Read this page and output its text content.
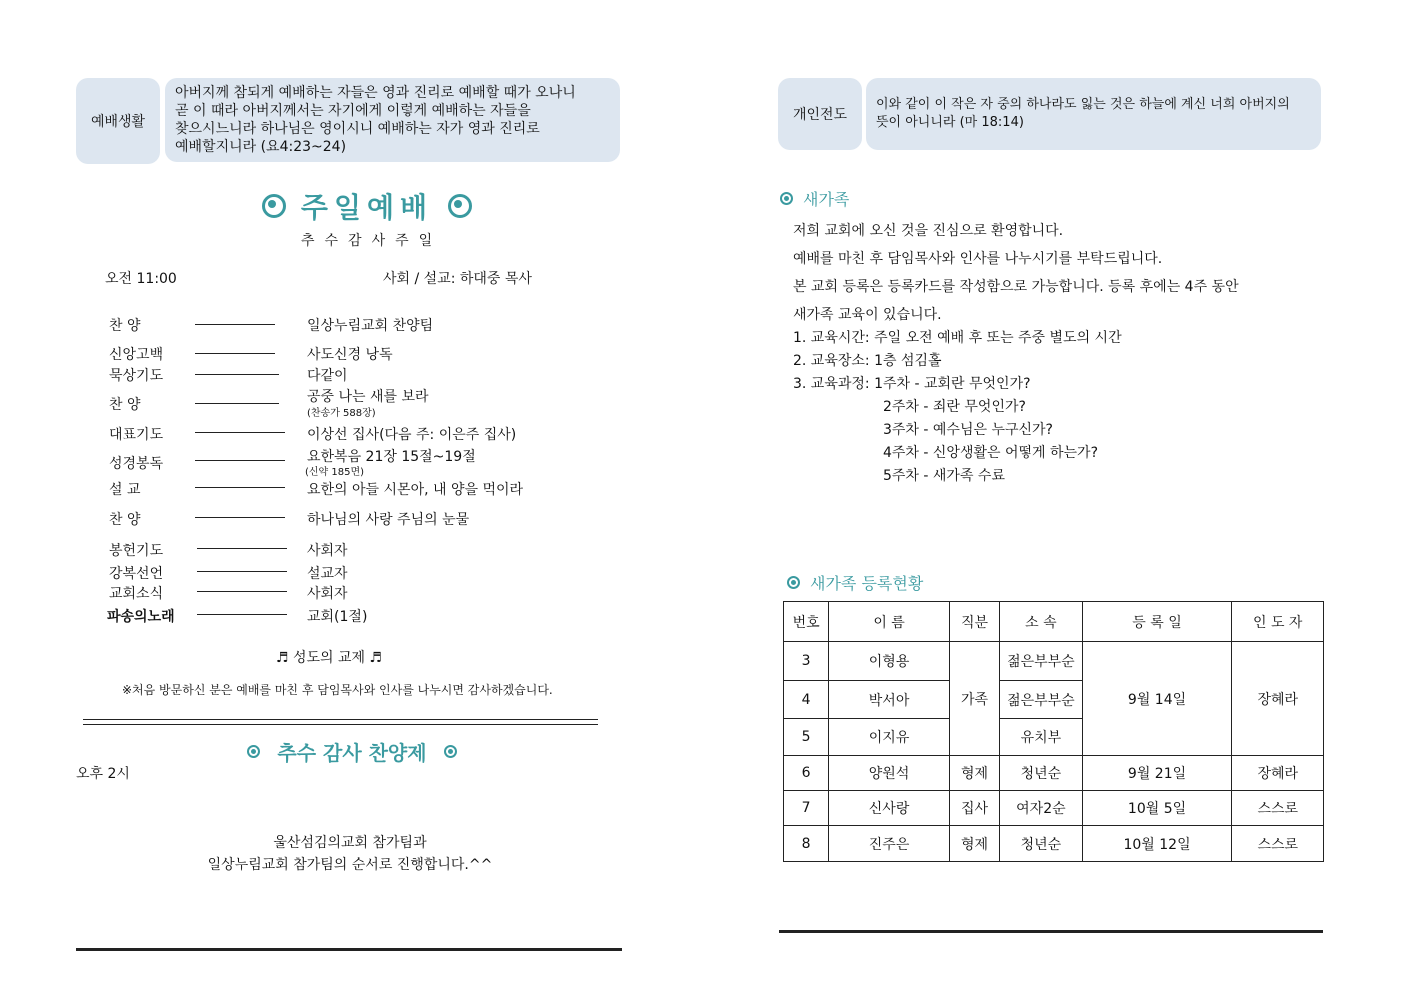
예배생활
아버지께 참되게 예배하는 자들은 영과 진리로 예배할 때가 오나니
곧 이 때라 아버지께서는 자기에게 이렇게 예배하는 자들을
찾으시느니라 하나님은 영이시니 예배하는 자가 영과 진리로
예배할지니라 (요4:23~24)
주일예배
추수감사주일
오전 11:00	사회 / 설교: 하대중 목사
찬 양	일상누림교회 찬양팀
신앙고백	사도신경 낭독
묵상기도	다같이
찬 양	공중 나는 새를 보라
(찬송가 588장)
대표기도	이상선 집사(다음 주: 이은주 집사)
성경봉독	요한복음 21장 15절~19절
(신약 185면)
설 교	요한의 아들 시몬아, 내 양을 먹이라
찬 양	하나님의 사랑 주님의 눈물
봉헌기도	사회자
강복선언	설교자
교회소식	사회자
파송의노래	교회(1절)
♬ 성도의 교제 ♬
※처음 방문하신 분은 예배를 마친 후 담임목사와 인사를 나누시면 감사하겠습니다.
추수 감사 찬양제
오후 2시
울산섬김의교회 참가팀과
일상누림교회 참가팀의 순서로 진행합니다.^^
개인전도
이와 같이 이 작은 자 중의 하나라도 잃는 것은 하늘에 계신 너희 아버지의
뜻이 아니니라 (마 18:14)
새가족
저희 교회에 오신 것을 진심으로 환영합니다.
예배를 마친 후 담임목사와 인사를 나누시기를 부탁드립니다.
본 교회 등록은 등록카드를 작성함으로 가능합니다. 등록 후에는 4주 동안
새가족 교육이 있습니다.
1. 교육시간: 주일 오전 예배 후 또는 주중 별도의 시간
2. 교육장소: 1층 섬김홀
3. 교육과정: 1주차 - 교회란 무엇인가?
2주차 - 죄란 무엇인가?
3주차 - 예수님은 누구신가?
4주차 - 신앙생활은 어떻게 하는가?
5주차 - 새가족 수료
새가족 등록현황
번호	이 름	직분	소 속	등 록 일	인 도 자
3	이형용	가족	젊은부부순	9월 14일	장혜라
4	박서아		젊은부부순		
5	이지유		유치부		
6	양원석	형제	청년순	9월 21일	장혜라
7	신사랑	집사	여자2순	10월 5일	스스로
8	진주은	형제	청년순	10월 12일	스스로
